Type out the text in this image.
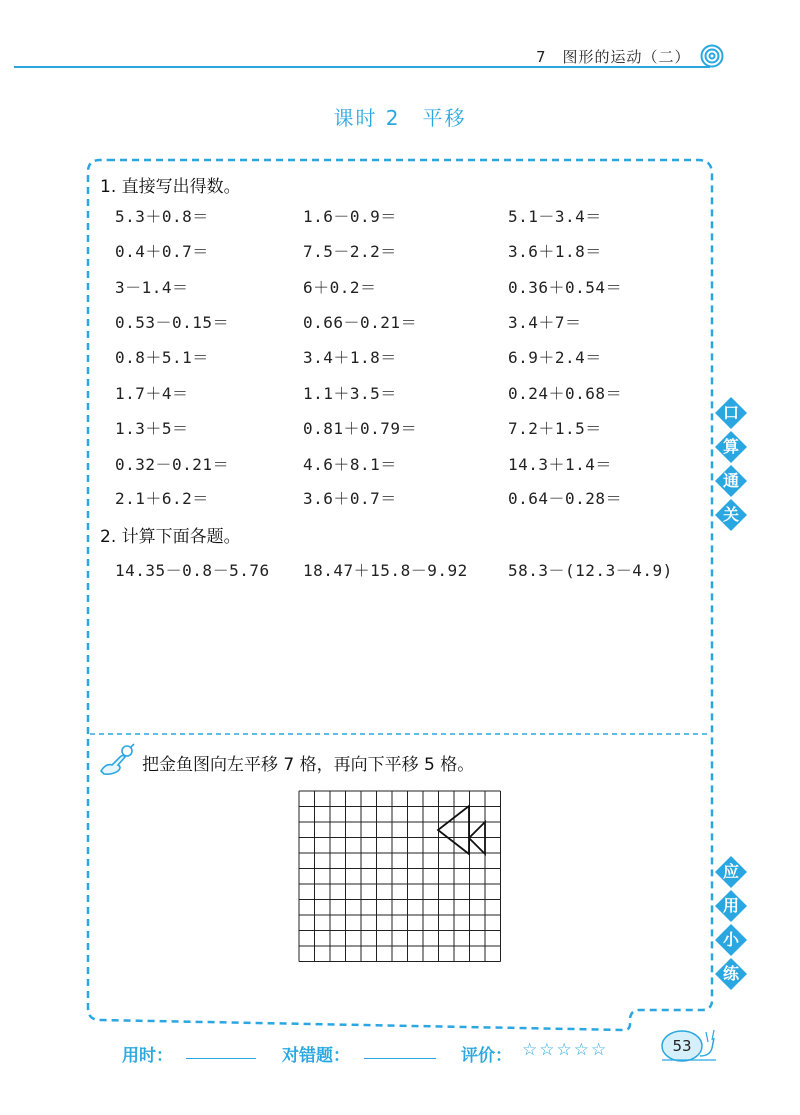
7　图形的运动（二）
课时 2　平移
1. 直接写出得数。
5.3＋0.8＝	1.6－0.9＝	5.1－3.4＝
0.4＋0.7＝	7.5－2.2＝	3.6＋1.8＝
3－1.4＝	6＋0.2＝	0.36＋0.54＝
0.53－0.15＝	0.66－0.21＝	3.4＋7＝
0.8＋5.1＝	3.4＋1.8＝	6.9＋2.4＝
1.7＋4＝	1.1＋3.5＝	0.24＋0.68＝
1.3＋5＝	0.81＋0.79＝	7.2＋1.5＝
0.32－0.21＝	4.6＋8.1＝	14.3＋1.4＝
2.1＋6.2＝	3.6＋0.7＝	0.64－0.28＝
2. 计算下面各题。
14.35－0.8－5.76 18.47＋15.8－9.92	58.3－(12.3－4.9)
把金鱼图向左平移 7 格，再向下平移 5 格。
口
算
通
关
应
用
小
练
用时：	对错题：	评价： ☆☆☆☆☆	53
